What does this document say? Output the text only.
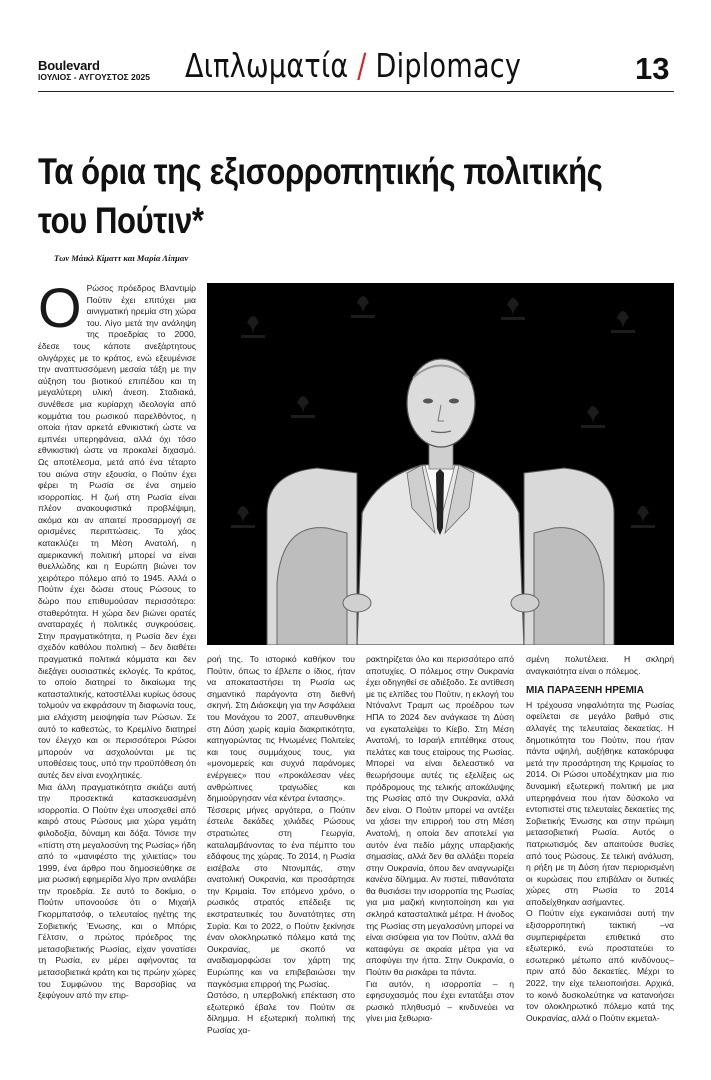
Boulevard
ΙΟΥΛΙΟΣ - ΑΥΓΟΥΣΤΟΣ 2025 Διπλωματία / Diplomacy	13
Τα όρια της εξισορροπητικής πολιτικής
του Πούτιν*
Των Μάικλ Κίματτ και Μαρία Λίπμαν
Ο Ρώσος πρόεδρος Βλαντιμίρ Πούτιν έχει επιτύχει μια αινιγματική ηρεμία στη χώρα του. Λίγο μετά την ανάληψη της προεδρίας το 2000, έδεσε τους κάποτε ανεξάρτητους ολιγάρχες με το κράτος, ενώ εξευμένισε την αναπτυσσόμενη μεσαία τάξη με την αύξηση του βιοτικού επιπέδου και τη μεγαλύτερη υλική άνεση. Σταδιακά, συνέθεσε μια κυρίαρχη ιδεολογία από κομμάτια του ρωσικού παρελθόντος, η οποία ήταν αρκετά εθνικιστική ώστε να εμπνέει υπερηφάνεια, αλλά όχι τόσο εθνικιστική ώστε να προκαλεί διχασμό. Ως αποτέλεσμα, μετά από ένα τέταρτο του αιώνα στην εξουσία, ο Πούτιν έχει φέρει τη Ρωσία σε ένα σημείο ισορροπίας. Η ζωή στη Ρωσία είναι πλέον ανακουφιστικά προβλέψιμη, ακόμα και αν απαιτεί προσαρμογή σε ορισμένες περιπτώσεις. Το χάος κατακλύζει τη Μέση Ανατολή, η αμερικανική πολιτική μπορεί να είναι θυελλώδης και η Ευρώπη βιώνει τον χειρότερο πόλεμο από το 1945. Αλλά ο Πούτιν έχει δώσει στους Ρώσους το δώρο που επιθυμούσαν περισσότερο: σταθερότητα. Η χώρα δεν βιώνει ορατές αναταραχές ή πολιτικές συγκρούσεις. Στην πραγματικότητα, η Ρωσία δεν έχει σχεδόν καθόλου πολιτική – δεν διαθέτει πραγματικά πολιτικά κόμματα και δεν διεξάγει ουσιαστικές εκλογές. Το κράτος, το οποίο διατηρεί το δικαίωμα της κατασταλτικής, κατοστέλλει κυρίως όσους τολμούν να εκφράσουν τη διαφωνία τους, μια ελάχιστη μειοψηφία των Ρώσων. Σε αυτό το καθεστώς, το Κρεμλίνο διατηρεί τον έλεγχο και οι περισσότεροι Ρώσοι μπορούν να ασχολούνται με τις υποθέσεις τους, υπό την προϋπόθεση ότι αυτές δεν είναι ενοχλητικές.

Μια άλλη πραγματικότητα σκιάζει αυτή την προσεκτικά κατασκευασμένη ισορροπία. Ο Πούτιν έχει υποσχεθεί από καιρό στους Ρώσους μια χώρα γεμάτη φιλοδοξία, δύναμη και δόξα. Τόνισε την «πίστη στη μεγαλοσύνη της Ρωσίας» ήδη από το «μανιφέστο της χιλιετίας» του 1999, ένα άρθρο που δημοσιεύθηκε σε μια ρωσική εφημερίδα λίγο πριν αναλάβει την προεδρία. Σε αυτό το δοκίμιο, ο Πούτιν υπονοούσε ότι ο Μιχαήλ Γκορμπατσόφ, ο τελευταίος ηγέτης της Σοβιετικής Ένωσης, και ο Μπόρις Γέλτσιν, ο πρώτος πρόεδρος της μετασοβιετικής Ρωσίας, είχαν γονατίσει τη Ρωσία, εν μέρει αφήνοντας τα μετασοβιετικά κράτη και τις πρώην χώρες του Συμφώνου της Βαρσοβίας να ξεφύγουν από την επιρ-

ροή της. Το ιστορικό καθήκον του Πούτιν, όπως το έβλεπε ο ίδιος, ήταν να αποκαταστήσει τη Ρωσία ως σημαντικό παράγοντα στη διεθνή σκηνή. Στη Διάσκεψη για την Ασφάλεια του Μονάχου το 2007, απευθυνθηκε στη Δύση χωρίς καμία διακριτικότητα, κατηγορώντας τις Ηνωμένες Πολιτείες και τους συμμάχους τους, για «μονομερείς και συχνά παράνομες ενέργειες» που «προκάλεσαν νέες ανθρώπινες τραγωδίες και δημιούργησαν νέα κέντρα έντασης».

Τέσσερις μήνες αργότερα, ο Πούτιν έστειλε δεκάδες χιλιάδες Ρώσους στρατιώτες στη Γεωργία, καταλαμβάνοντας το ένα πέμπτο του εδάφους της χώρας. Το 2014, η Ρωσία εισέβαλε στο Ντονμπάς, στην ανατολική Ουκρανία, και προσάρτησε την Κριμαία. Τον επόμενο χρόνο, ο ρωσικός στρατός επέδειξε τις εκστρατευτικές του δυνατότητες στη Συρία. Και το 2022, ο Πούτιν ξεκίνησε έναν ολοκληρωτικό πόλεμο κατά της Ουκρανίας, με σκοπό να αναδιαμορφώσει τον χάρτη της Ευρώπης και να επιβεβαιώσει την παγκόσμια επιρροή της Ρωσίας.

Ωστόσο, η υπερβολική επέκταση στο εξωτερικό έβαλε τον Πούτιν σε δίλημμα. Η εξωτερική πολιτική της Ρωσίας χα-

ρακτηρίζεται όλο και περισσότερο από αποτυχίες. Ο πόλεμος στην Ουκρανία έχει οδηγηθεί σε αδιέξοδο. Σε αντίθεση με τις ελπίδες του Πούτιν, η εκλογή του Ντόναλντ Τραμπ ως προέδρου των ΗΠΑ το 2024 δεν ανάγκασε τη Δύση να εγκαταλείψει το Κίεβο. Στη Μέση Ανατολή, το Ισραήλ επιτέθηκε στους πελάτες και τους εταίρους της Ρωσίας. Μπορεί να είναι δελεαστικό να θεωρήσουμε αυτές τις εξελίξεις ως πρόδρομους της τελικής αποκάλυψης της Ρωσίας από την Ουκρανία, αλλά δεν είναι. Ο Πούτιν μπορεί να αντέξει να χάσει την επιρροή του στη Μέση Ανατολή, η οποία δεν αποτελεί για αυτόν ένα πεδίο μάχης υπαρξιακής σημασίας, αλλά δεν θα αλλάξει πορεία στην Ουκρανία, όπου δεν αναγνωρίζει κανένα δίλημμα. Αν πιστεί, πιθανότατα θα θυσιάσει την ισορροπία της Ρωσίας για μια μαζική κινητοποίηση και για σκληρά κατασταλτικά μέτρα. Η άνοδος της Ρωσίας στη μεγαλοσύνη μπορεί να είναι σισύφεια για τον Πούτιν, αλλά θα καταφύγει σε ακραία μέτρα για να αποφύγει την ήττα. Στην Ουκρανία, ο Πούτιν θα ρισκάρει τα πάντα.

Για αυτόν, η ισορροπία – η εφησυχασμός που έχει εντατάξει στον ρωσικό πληθυσμό – κινδυνεύει να γίνει μια ξεθωρια-

σμένη πολυτέλεια. Η σκληρή αναγκαιότητα είναι ο πόλεμος.

ΜΙΑ ΠΑΡΑΞΕΝΗ ΗΡΕΜΙΑ

Η τρέχουσα νηφαλιότητα της Ρωσίας οφείλεται σε μεγάλο βαθμό στις αλλαγές της τελευταίας δεκαετίας. Η δημοτικότητα του Πούτιν, που ήταν πάντα υψηλή, αυξήθηκε κατακόρυφα μετά την προσάρτηση της Κριμαίας το 2014. Οι Ρώσοι υποδέχτηκαν μια πιο δυναμική εξωτερική πολιτική με μια υπερηφάνεια που ήταν δύσκολο να εντοπιστεί στις τελευταίες δεκαετίες της Σοβιετικής Ένωσης και στην πρώιμη μετασοβιετική Ρωσία. Αυτός ο πατριωτισμός δεν απαιτούσε θυσίες από τους Ρώσους. Σε τελική ανάλυση, η ρήξη με τη Δύση ήταν περιορισμένη οι κυρώσεις που επιβάλαν οι δυτικές χώρες στη Ρωσία το 2014 αποδείχθηκαν ασήμαντες.

Ο Πούτιν είχε εγκαινιάσει αυτή την εξισορροπητική τακτική –να συμπεριφέρεται επιθετικά στο εξωτερικό, ενώ προστατεύει το εσωτερικό μέτωπο από κινδύνους– πριν από δύο δεκαετίες. Μέχρι το 2022, την είχε τελειοποιήσει. Αρχικά, το κοινό δυσκολεύτηκε να κατανοήσει τον ολοκληρωτικό πόλεμο κατά της Ουκρανίας, αλλά ο Πούτιν εκμεταλ-
